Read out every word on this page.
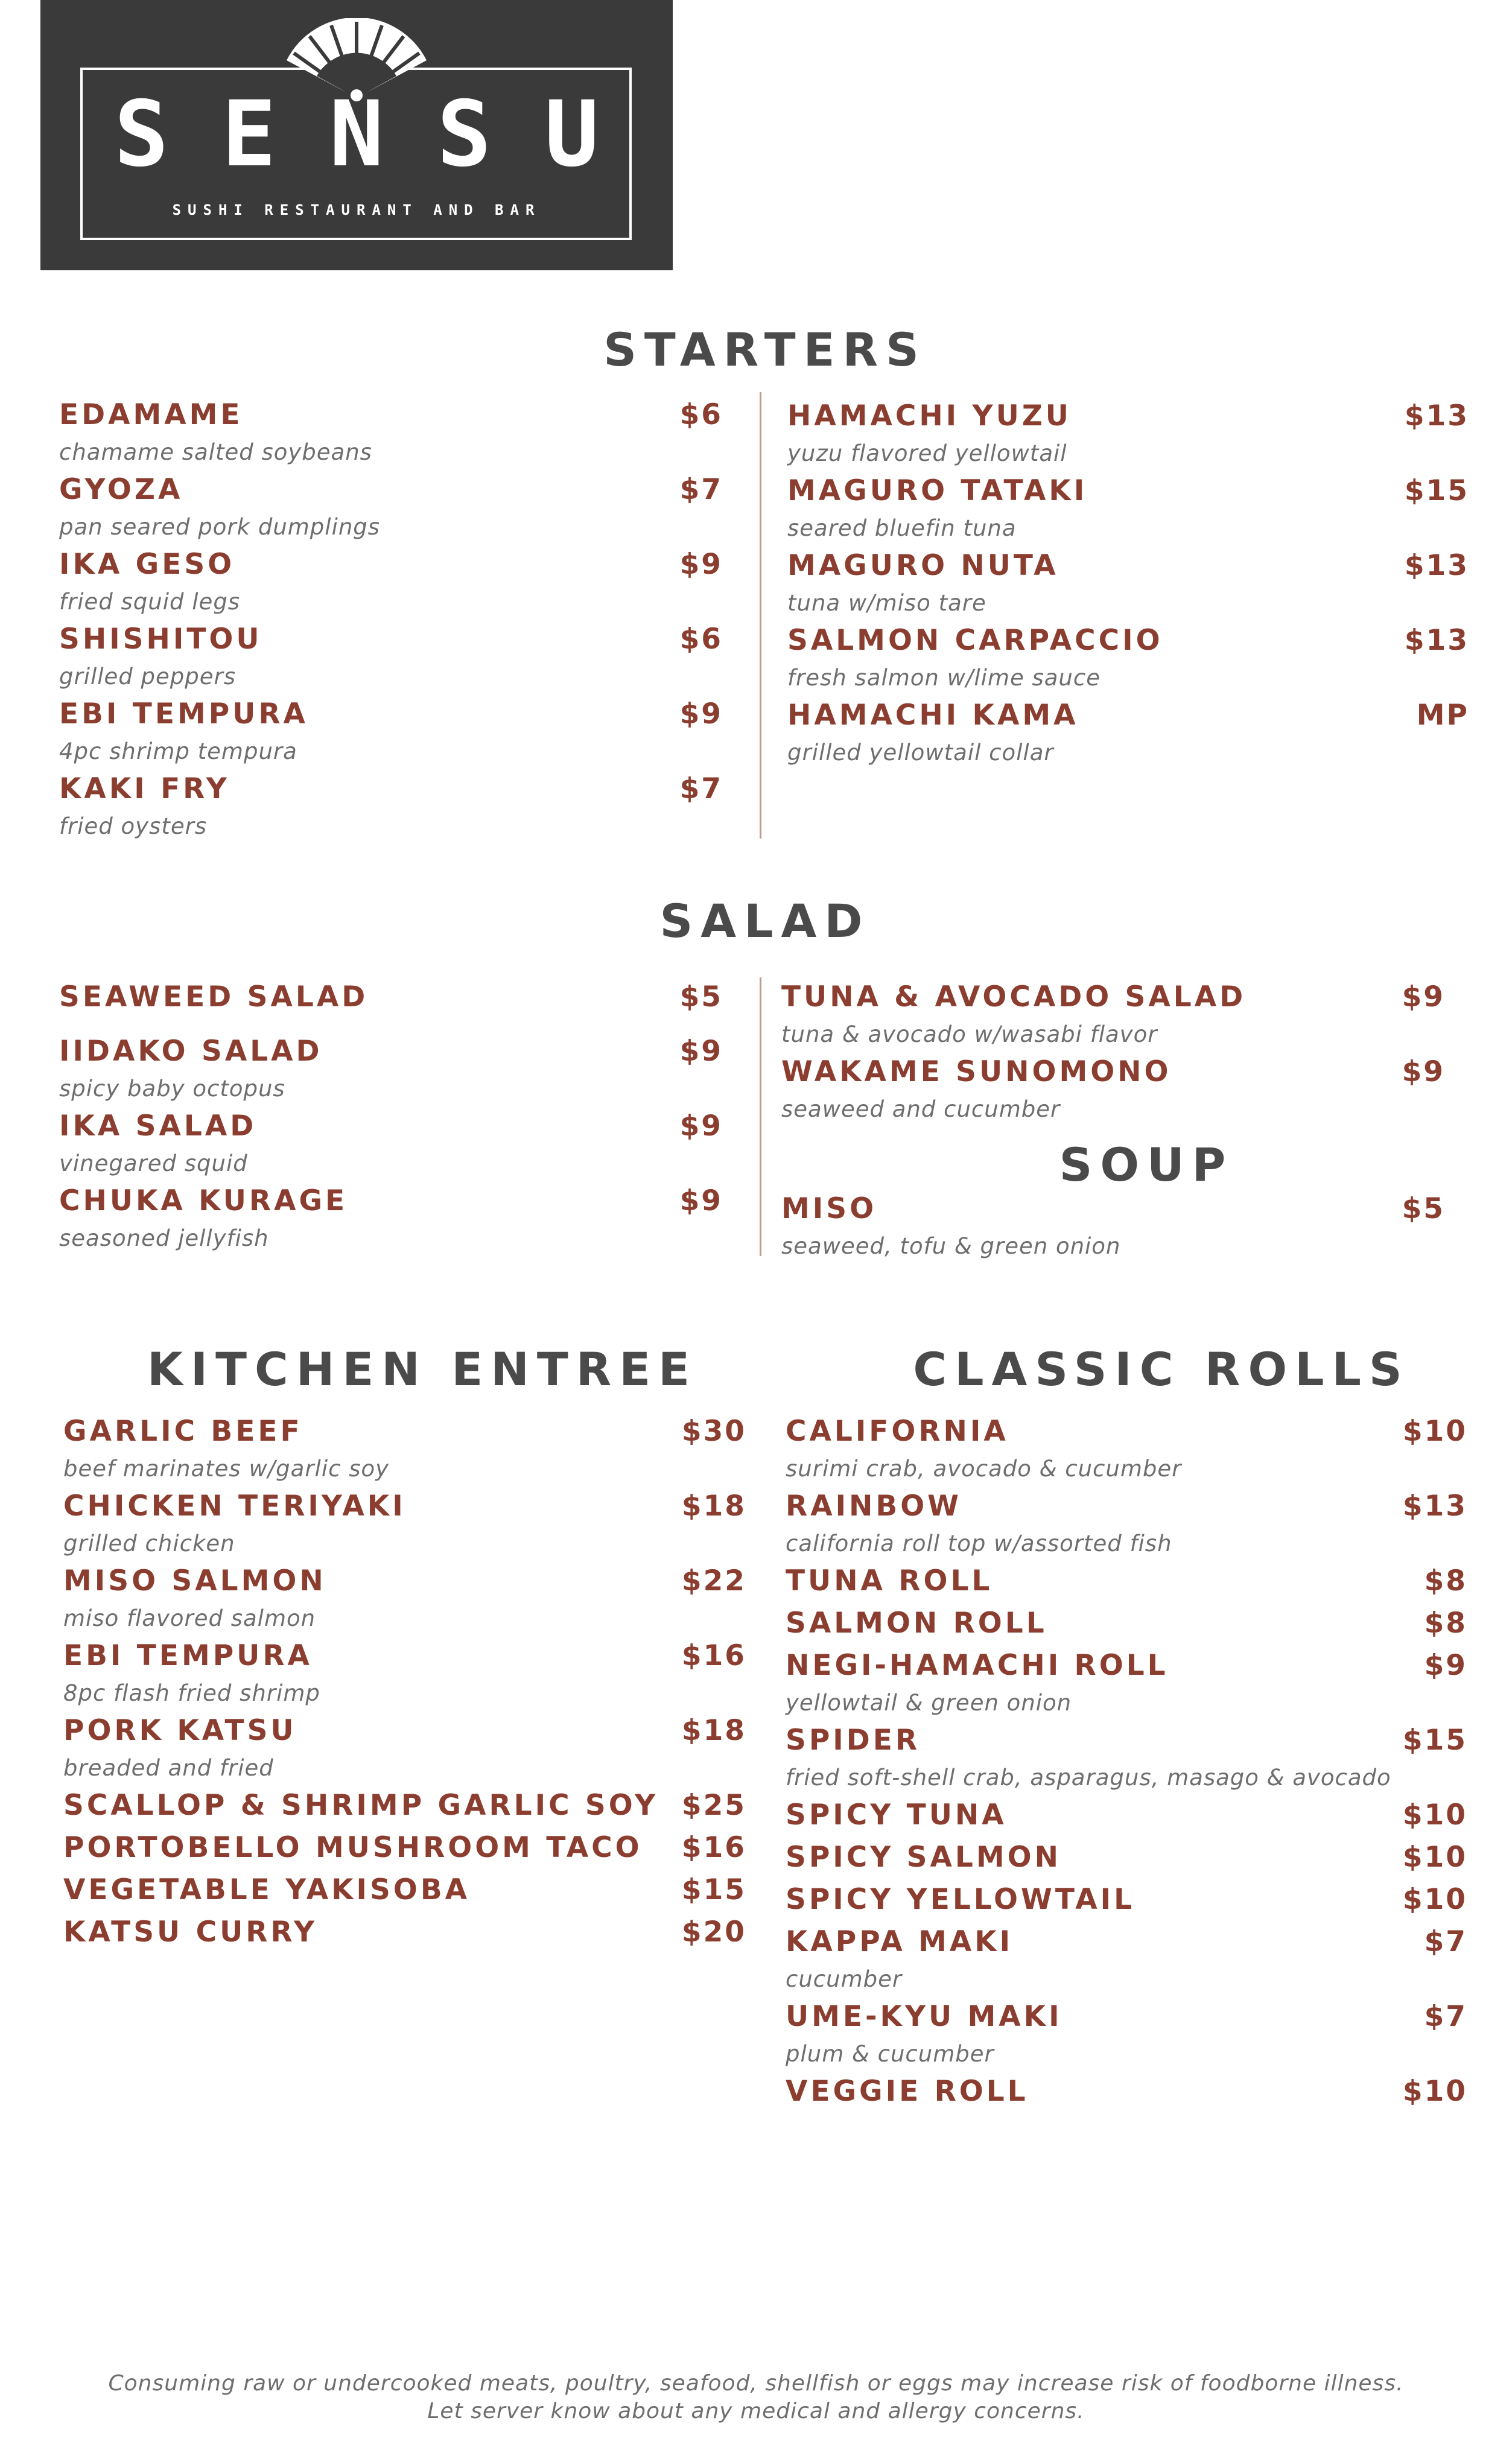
SENSU
SUSHI RESTAURANT AND BAR
STARTERS
EDAMAME	$6
chamame salted soybeans
GYOZA	$7
pan seared pork dumplings
IKA GESO	$9
fried squid legs
SHISHITOU	$6
grilled peppers
EBI TEMPURA	$9
4pc shrimp tempura
KAKI FRY	$7
fried oysters
HAMACHI YUZU	$13
yuzu flavored yellowtail
MAGURO TATAKI	$15
seared bluefin tuna
MAGURO NUTA	$13
tuna w/miso tare
SALMON CARPACCIO	$13
fresh salmon w/lime sauce
HAMACHI KAMA	MP
grilled yellowtail collar
SALAD
SEAWEED SALAD	$5
IIDAKO SALAD	$9
spicy baby octopus
IKA SALAD	$9
vinegared squid
CHUKA KURAGE	$9
seasoned jellyfish
TUNA & AVOCADO SALAD	$9
tuna & avocado w/wasabi flavor
WAKAME SUNOMONO	$9
seaweed and cucumber
SOUP
MISO	$5
seaweed, tofu & green onion
KITCHEN ENTREE
GARLIC BEEF	$30
beef marinates w/garlic soy
CHICKEN TERIYAKI	$18
grilled chicken
MISO SALMON	$22
miso flavored salmon
EBI TEMPURA	$16
8pc flash fried shrimp
PORK KATSU	$18
breaded and fried
SCALLOP & SHRIMP GARLIC SOY $25
PORTOBELLO MUSHROOM TACO	$16
VEGETABLE YAKISOBA	$15
KATSU CURRY	$20
CLASSIC ROLLS
CALIFORNIA	$10
surimi crab, avocado & cucumber
RAINBOW	$13
california roll top w/assorted fish
TUNA ROLL	$8
SALMON ROLL	$8
NEGI-HAMACHI ROLL	$9
yellowtail & green onion
SPIDER	$15
fried soft-shell crab, asparagus, masago & avocado
SPICY TUNA	$10
SPICY SALMON	$10
SPICY YELLOWTAIL	$10
KAPPA MAKI	$7
cucumber
UME-KYU MAKI	$7
plum & cucumber
VEGGIE ROLL	$10
Consuming raw or undercooked meats, poultry, seafood, shellfish or eggs may increase risk of foodborne illness.
Let server know about any medical and allergy concerns.
